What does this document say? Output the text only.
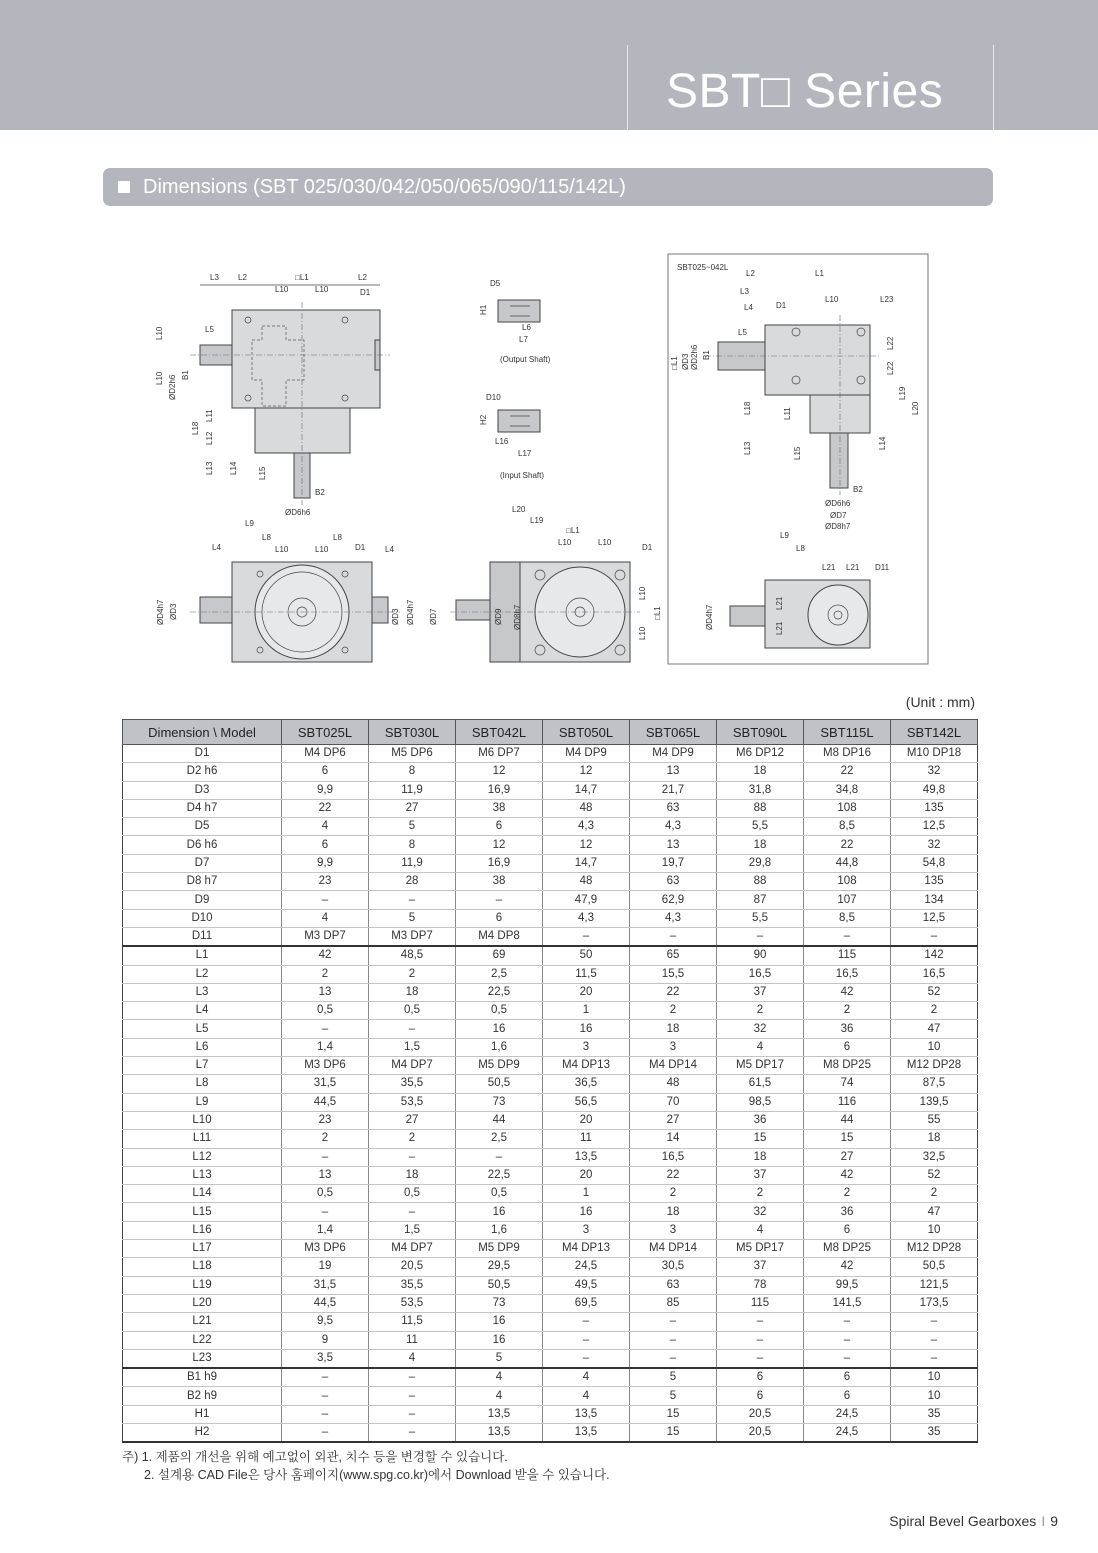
SBT□ Series
Dimensions (SBT 025/030/042/050/065/090/115/142L)
L3 L2	□L1	L2
L10	L10	D1
L5
L10
L10 ØD2h6 B1
L18
L11
L12
L13 L14	L15
B2
ØD6h6
D5
H1
L6
L7
(Output Shaft)
D10
H2
L16
L17
(Input Shaft)
SBT025~042L
L2	L1
L3
L4	D1
L10	L23
L5
□L1 ØD3 ØD2h6 B1
L22
L22
L19
L20
L18	L11
L13	L15
L14
B2
ØD6h6
ØD7
ØD8h7
L9
L8
L21 L21 D11
ØD4h7
L21
L21
L9
L8	L8
L4	L10	L10	D1 L4
ØD4h7 ØD3	ØD3 ØD4h7
L20
L19
□L1
L10	L10
D1
ØD7	ØD9 ØD8h7
L10
□L1
L10
(Unit : mm)
Dimension \ Model	SBT025L	SBT030L	SBT042L	SBT050L	SBT065L	SBT090L	SBT115L	SBT142L
D1	M4 DP6	M5 DP6	M6 DP7	M4 DP9	M4 DP9	M6 DP12	M8 DP16	M10 DP18
D2 h6	6	8	12	12	13	18	22	32
D3	9,9	11,9	16,9	14,7	21,7	31,8	34,8	49,8
D4 h7	22	27	38	48	63	88	108	135
D5	4	5	6	4,3	4,3	5,5	8,5	12,5
D6 h6	6	8	12	12	13	18	22	32
D7	9,9	11,9	16,9	14,7	19,7	29,8	44,8	54,8
D8 h7	23	28	38	48	63	88	108	135
D9	–	–	–	47,9	62,9	87	107	134
D10	4	5	6	4,3	4,3	5,5	8,5	12,5
D11	M3 DP7	M3 DP7	M4 DP8	–	–	–	–	–
L1	42	48,5	69	50	65	90	115	142
L2	2	2	2,5	11,5	15,5	16,5	16,5	16,5
L3	13	18	22,5	20	22	37	42	52
L4	0,5	0,5	0,5	1	2	2	2	2
L5	–	–	16	16	18	32	36	47
L6	1,4	1,5	1,6	3	3	4	6	10
L7	M3 DP6	M4 DP7	M5 DP9	M4 DP13	M4 DP14	M5 DP17	M8 DP25	M12 DP28
L8	31,5	35,5	50,5	36,5	48	61,5	74	87,5
L9	44,5	53,5	73	56,5	70	98,5	116	139,5
L10	23	27	44	20	27	36	44	55
L11	2	2	2,5	11	14	15	15	18
L12	–	–	–	13,5	16,5	18	27	32,5
L13	13	18	22,5	20	22	37	42	52
L14	0,5	0,5	0,5	1	2	2	2	2
L15	–	–	16	16	18	32	36	47
L16	1,4	1,5	1,6	3	3	4	6	10
L17	M3 DP6	M4 DP7	M5 DP9	M4 DP13	M4 DP14	M5 DP17	M8 DP25	M12 DP28
L18	19	20,5	29,5	24,5	30,5	37	42	50,5
L19	31,5	35,5	50,5	49,5	63	78	99,5	121,5
L20	44,5	53,5	73	69,5	85	115	141,5	173,5
L21	9,5	11,5	16	–	–	–	–	–
L22	9	11	16	–	–	–	–	–
L23	3,5	4	5	–	–	–	–	–
B1 h9	–	–	4	4	5	6	6	10
B2 h9	–	–	4	4	5	6	6	10
H1	–	–	13,5	13,5	15	20,5	24,5	35
H2	–	–	13,5	13,5	15	20,5	24,5	35
주) 1. 제품의 개선을 위해 예고없이 외관, 치수 등을 변경할 수 있습니다.
2. 설계용 CAD File은 당사 홈페이지(www.spg.co.kr)에서 Download 받을 수 있습니다.
Spiral Bevel Gearboxes I 9
